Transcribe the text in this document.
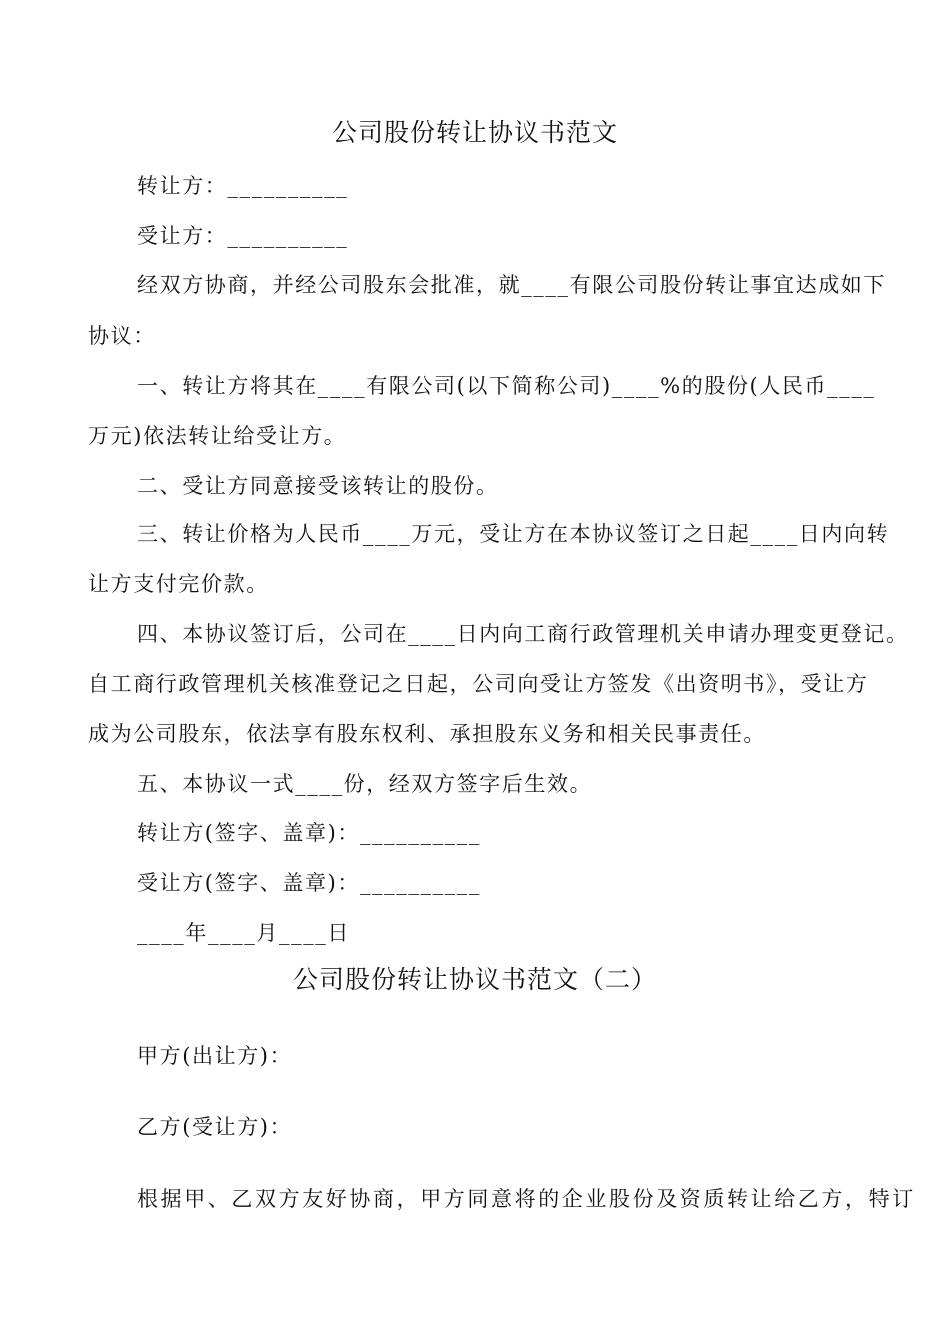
公司股份转让协议书范文
转让方：__________
受让方：__________
经双方协商，并经公司股东会批准，就____有限公司股份转让事宜达成如下
协议：
一、转让方将其在____有限公司(以下简称公司)____%的股份(人民币____
万元)依法转让给受让方。
二、受让方同意接受该转让的股份。
三、转让价格为人民币____万元，受让方在本协议签订之日起____日内向转
让方支付完价款。
四、本协议签订后，公司在____日内向工商行政管理机关申请办理变更登记。
自工商行政管理机关核准登记之日起，公司向受让方签发《出资明书》，受让方
成为公司股东，依法享有股东权利、承担股东义务和相关民事责任。
五、本协议一式____份，经双方签字后生效。
转让方(签字、盖章)：__________
受让方(签字、盖章)：__________
____年____月____日
公司股份转让协议书范文（二）
甲方(出让方)：
乙方(受让方)：
根据甲、乙双方友好协商，甲方同意将的企业股份及资质转让给乙方，特订
